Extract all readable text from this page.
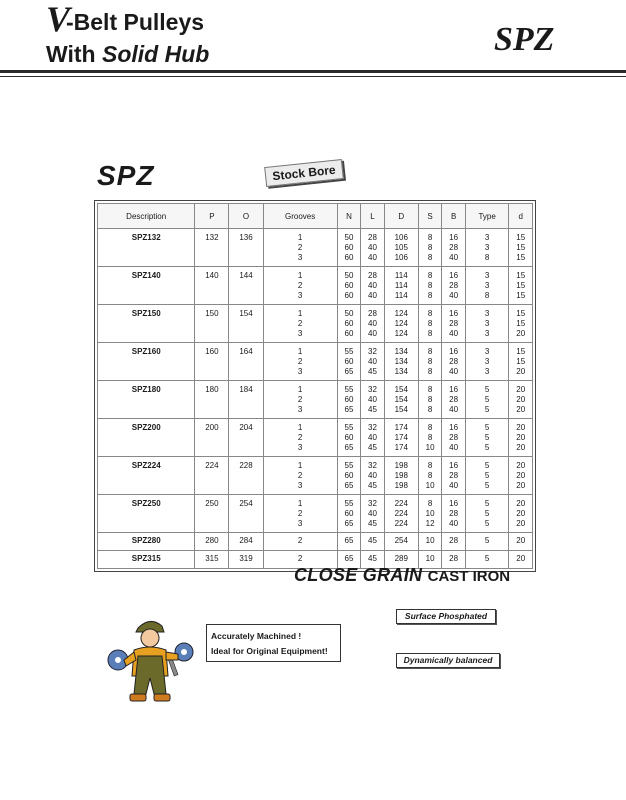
V
-Belt Pulleys
With Solid Hub	SPZ
SPZ	Stock Bore
Description	P	O	Grooves	N	L	D	S	B	Type	d
SPZ132	132	136	1
2
3	50
60
60	28
40
40	106
105
106	8
8
8	16
28
40	3
3
8	15
15
15

SPZ140	140	144	1
2
3	50
60
60	28
40
40	114
114
114	8
8
8	16
28
40	3
3
8	15
15
15

SPZ150	150	154	1
2
3	50
60
60	28
40
40	124
124
124	8
8
8	16
28
40	3
3
3	15
15
20

SPZ160	160	164	1
2
3	55
60
65	32
40
45	134
134
134	8
8
8	16
28
40	3
3
3	15
15
20

SPZ180	180	184	1
2
3	55
60
65	32
40
45	154
154
154	8
8
8	16
28
40	5
5
5	20
20
20

SPZ200	200	204	1
2
3	55
60
65	32
40
45	174
174
174	8
8
10	16
28
40	5
5
5	20
20
20

SPZ224	224	228	1
2
3	55
60
65	32
40
45	198
198
198	8
8
10	16
28
40	5
5
5	20
20
20

SPZ250	250	254	1
2
3	55
60
65	32
40
45	224
224
224	8
10
12	16
28
40	5
5
5	20
20
20

SPZ280	280	284	2	65	45	254	10	28	5	20

SPZ315	315	319	2	65	45	289	10	28	5	20
CLOSE GRAIN CAST IRON
Accurately Machined !
Ideal for Original Equipment!
Surface Phosphated
Dynamically balanced
